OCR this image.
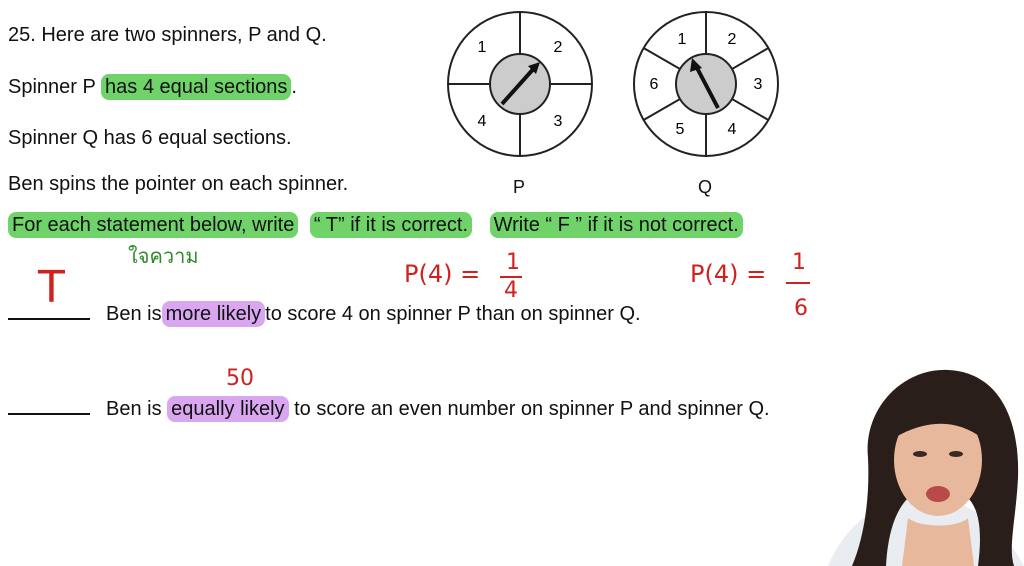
25. Here are two spinners, P and Q.
Spinner P has 4 equal sections .
Spinner Q has 6 equal sections.
Ben spins the pointer on each spinner.
For each statement below, write “ T” if it is correct. Write “ F ” if it is not correct.
Ben is more likely to score 4 on spinner P than on spinner Q.
Ben is equally likely to score an even number on spinner P and spinner Q.
1	2
3
4
P
1	2
3
4
5
6
Q
T
ใจความ
P(4) = 1
4
P(4) = 1
6
50
